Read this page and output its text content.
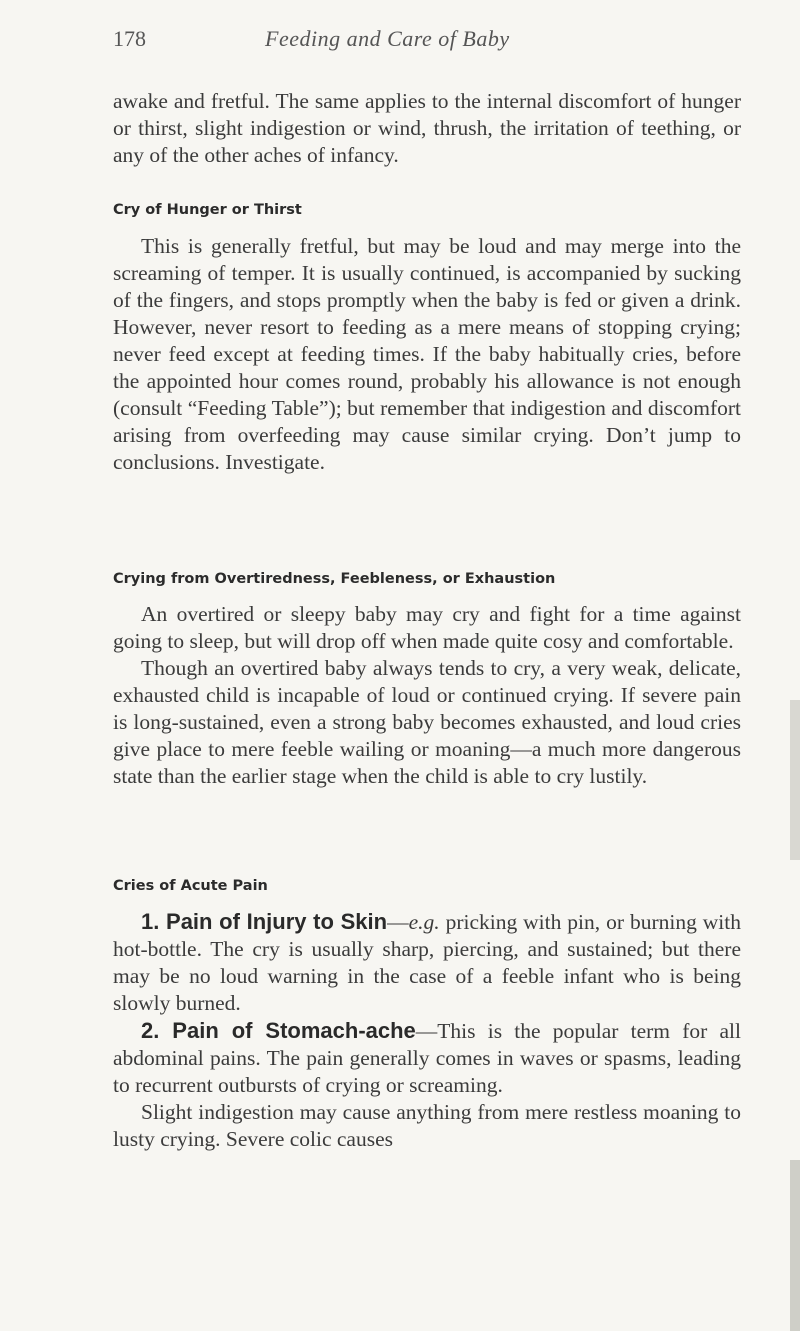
178	Feeding and Care of Baby

awake and fretful. The same applies to the internal discomfort of hunger or thirst, slight indigestion or wind, thrush, the irritation of teething, or any of the other aches of infancy.

Cry of Hunger or Thirst

This is generally fretful, but may be loud and may merge into the screaming of temper. It is usually continued, is accompanied by sucking of the fingers, and stops promptly when the baby is fed or given a drink. However, never resort to feeding as a mere means of stopping crying; never feed except at feeding times. If the baby habitually cries, before the appointed hour comes round, probably his allowance is not enough (consult “Feeding Table”); but remember that indigestion and discomfort arising from overfeeding may cause similar crying. Don’t jump to conclusions. Investigate.

Crying from Overtiredness, Feebleness, or Exhaustion

An overtired or sleepy baby may cry and fight for a time against going to sleep, but will drop off when made quite cosy and comfortable.

Though an overtired baby always tends to cry, a very weak, delicate, exhausted child is incapable of loud or continued crying. If severe pain is long-sustained, even a strong baby becomes exhausted, and loud cries give place to mere feeble wailing or moaning—a much more dangerous state than the earlier stage when the child is able to cry lustily.

Cries of Acute Pain

1. Pain of Injury to Skin—e.g. pricking with pin, or burning with hot-bottle. The cry is usually sharp, piercing, and sustained; but there may be no loud warning in the case of a feeble infant who is being slowly burned.

2. Pain of Stomach-ache—This is the popular term for all abdominal pains. The pain generally comes in waves or spasms, leading to recurrent outbursts of crying or screaming.

Slight indigestion may cause anything from mere restless moaning to lusty crying. Severe colic causes
